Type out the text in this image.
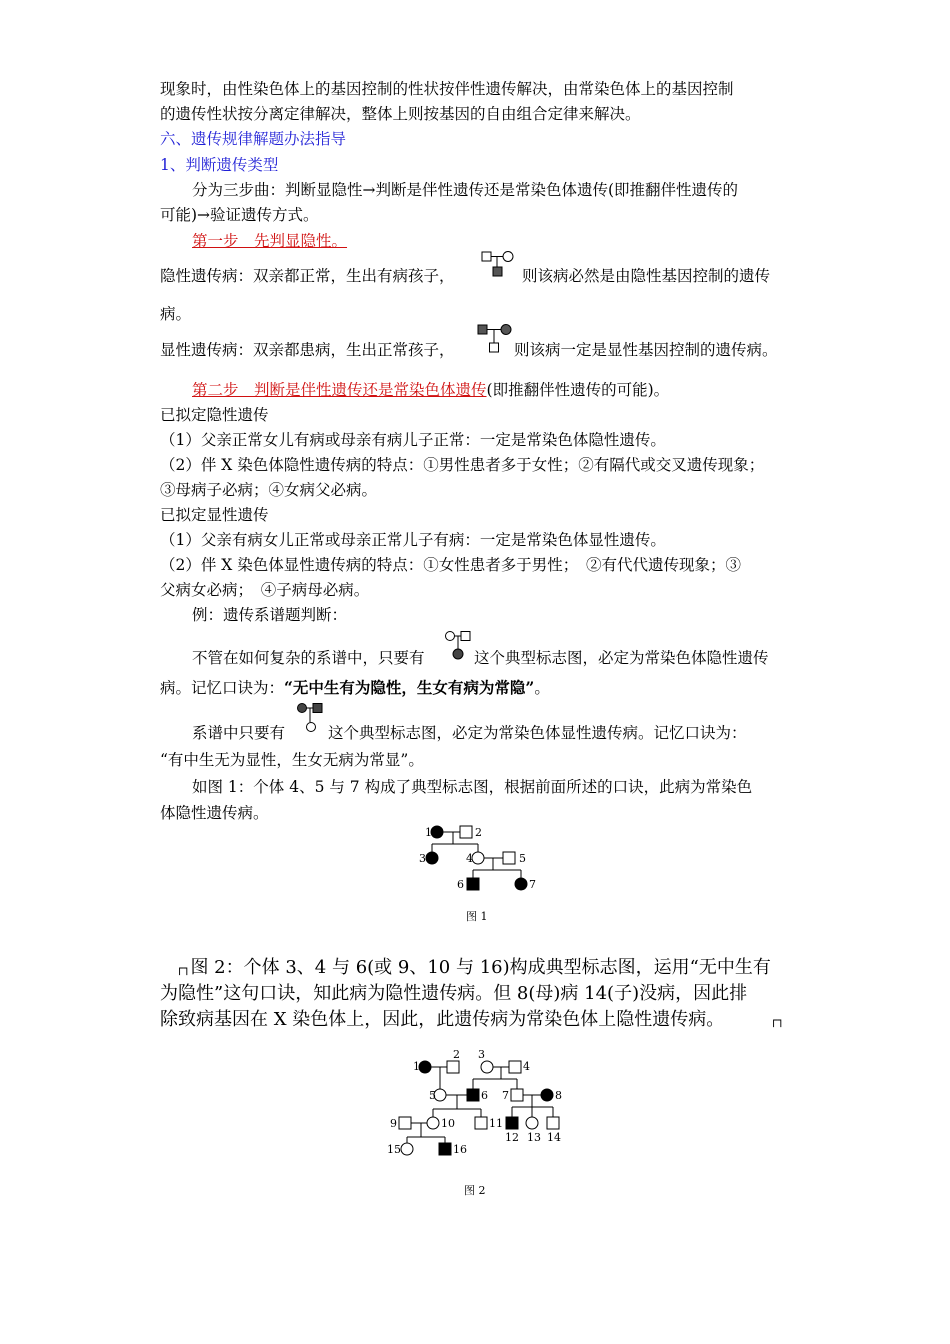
现象时，由性染色体上的基因控制的性状按伴性遗传解决，由常染色体上的基因控制
的遗传性状按分离定律解决，整体上则按基因的自由组合定律来解决。
六、遗传规律解题办法指导
1、判断遗传类型
分为三步曲：判断显隐性→判断是伴性遗传还是常染色体遗传(即推翻伴性遗传的
可能)→验证遗传方式。
第一步　先判显隐性。
隐性遗传病：双亲都正常，生出有病孩子，	则该病必然是由隐性基因控制的遗传
病。
显性遗传病：双亲都患病，生出正常孩子，	则该病一定是显性基因控制的遗传病。
第二步　判断是伴性遗传还是常染色体遗传(即推翻伴性遗传的可能)。
已拟定隐性遗传
（1）父亲正常女儿有病或母亲有病儿子正常：一定是常染色体隐性遗传。
（2）伴 X 染色体隐性遗传病的特点：①男性患者多于女性；②有隔代或交叉遗传现象；
③母病子必病；④女病父必病。
已拟定显性遗传
（1）父亲有病女儿正常或母亲正常儿子有病：一定是常染色体显性遗传。
（2）伴 X 染色体显性遗传病的特点：①女性患者多于男性；　②有代代遗传现象；③
父病女必病；　④子病母必病。
例：遗传系谱题判断：
不管在如何复杂的系谱中，只要有	这个典型标志图，必定为常染色体隐性遗传
病。记忆口诀为：“无中生有为隐性，生女有病为常隐”。
系谱中只要有	这个典型标志图，必定为常染色体显性遗传病。记忆口诀为：
“有中生无为显性，生女无病为常显”。
如图 1：个体 4、5 与 7 构成了典型标志图，根据前面所述的口诀，此病为常染色
体隐性遗传病。
1	2
3	4	5
6	7
图 1
┌┐图 2：个体 3、4 与 6(或 9、10 与 16)构成典型标志图，运用“无中生有
为隐性”这句口诀，知此病为隐性遗传病。但 8(母)病 14(子)没病，因此排
除致病基因在 X 染色体上，因此，此遗传病为常染色体上隐性遗传病。	┌┐
1
2 3
4
5	6 7	8
9	10	11
12 13 14
15	16
图 2
